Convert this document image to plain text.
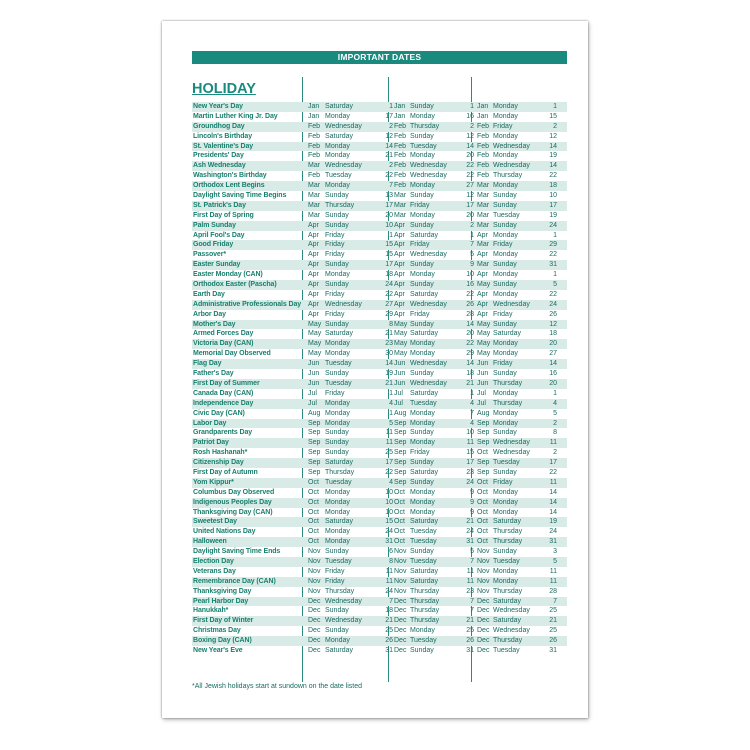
IMPORTANT DATES
HOLIDAY
New Year's Day	Jan Saturday	1 Jan Sunday	1 Jan Monday	1
Martin Luther King Jr. Day	Jan Monday	17 Jan Monday	16 Jan Monday	15
Groundhog Day	Feb Wednesday	2 Feb Thursday	2 Feb Friday	2
Lincoln's Birthday	Feb Saturday	12 Feb Sunday	12 Feb Monday	12
St. Valentine's Day	Feb Monday	14 Feb Tuesday	14 Feb Wednesday	14
Presidents' Day	Feb Monday	21 Feb Monday	20 Feb Monday	19
Ash Wednesday	Mar Wednesday	2 Feb Wednesday	22 Feb Wednesday	14
Washington's Birthday	Feb Tuesday	22 Feb Wednesday	22 Feb Thursday	22
Orthodox Lent Begins	Mar Monday	7 Feb Monday	27 Mar Monday	18
Daylight Saving Time Begins	Mar Sunday	13 Mar Sunday	12 Mar Sunday	10
St. Patrick's Day	Mar Thursday	17 Mar Friday	17 Mar Sunday	17
First Day of Spring	Mar Sunday	20 Mar Monday	20 Mar Tuesday	19
Palm Sunday	Apr Sunday	10 Apr Sunday	2 Mar Sunday	24
April Fool's Day	Apr Friday	1 Apr Saturday	1 Apr Monday	1
Good Friday	Apr Friday	15 Apr Friday	7 Mar Friday	29
Passover*	Apr Friday	15 Apr Wednesday	5 Apr Monday	22
Easter Sunday	Apr Sunday	17 Apr Sunday	9 Mar Sunday	31
Easter Monday (CAN)	Apr Monday	18 Apr Monday	10 Apr Monday	1
Orthodox Easter (Pascha)	Apr Sunday	24 Apr Sunday	16 May Sunday	5
Earth Day	Apr Friday	22 Apr Saturday	22 Apr Monday	22
Administrative Professionals Day Apr Wednesday	27 Apr Wednesday	26 Apr Wednesday	24
Arbor Day	Apr Friday	29 Apr Friday	28 Apr Friday	26
Mother's Day	May Sunday	8 May Sunday	14 May Sunday	12
Armed Forces Day	May Saturday	21 May Saturday	20 May Saturday	18
Victoria Day (CAN)	May Monday	23 May Monday	22 May Monday	20
Memorial Day Observed	May Monday	30 May Monday	29 May Monday	27
Flag Day	Jun Tuesday	14 Jun Wednesday	14 Jun Friday	14
Father's Day	Jun Sunday	19 Jun Sunday	18 Jun Sunday	16
First Day of Summer	Jun Tuesday	21 Jun Wednesday	21 Jun Thursday	20
Canada Day (CAN)	Jul	Friday	1 Jul	Saturday	1 Jul	Monday	1
Independence Day	Jul	Monday	4 Jul	Tuesday	4 Jul	Thursday	4
Civic Day (CAN)	Aug Monday	1 Aug Monday	7 Aug Monday	5
Labor Day	Sep Monday	5 Sep Monday	4 Sep Monday	2
Grandparents Day	Sep Sunday	11 Sep Sunday	10 Sep Sunday	8
Patriot Day	Sep Sunday	11 Sep Monday	11 Sep Wednesday	11
Rosh Hashanah*	Sep Sunday	25 Sep Friday	15 Oct Wednesday	2
Citizenship Day	Sep Saturday	17 Sep Sunday	17 Sep Tuesday	17
First Day of Autumn	Sep Thursday	22 Sep Saturday	23 Sep Sunday	22
Yom Kippur*	Oct Tuesday	4 Sep Sunday	24 Oct Friday	11
Columbus Day Observed	Oct Monday	10 Oct Monday	9 Oct Monday	14
Indigenous Peoples Day	Oct Monday	10 Oct Monday	9 Oct Monday	14
Thanksgiving Day (CAN)	Oct Monday	10 Oct Monday	9 Oct Monday	14
Sweetest Day	Oct Saturday	15 Oct Saturday	21 Oct Saturday	19
United Nations Day	Oct Monday	24 Oct Tuesday	24 Oct Thursday	24
Halloween	Oct Monday	31 Oct Tuesday	31 Oct Thursday	31
Daylight Saving Time Ends	Nov Sunday	6 Nov Sunday	5 Nov Sunday	3
Election Day	Nov Tuesday	8 Nov Tuesday	7 Nov Tuesday	5
Veterans Day	Nov Friday	11 Nov Saturday	11 Nov Monday	11
Remembrance Day (CAN)	Nov Friday	11 Nov Saturday	11 Nov Monday	11
Thanksgiving Day	Nov Thursday	24 Nov Thursday	23 Nov Thursday	28
Pearl Harbor Day	Dec Wednesday	7 Dec Thursday	7 Dec Saturday	7
Hanukkah*	Dec Sunday	18 Dec Thursday	7 Dec Wednesday	25
First Day of Winter	Dec Wednesday	21 Dec Thursday	21 Dec Saturday	21
Christmas Day	Dec Sunday	25 Dec Monday	25 Dec Wednesday	25
Boxing Day (CAN)	Dec Monday	26 Dec Tuesday	26 Dec Thursday	26
New Year's Eve	Dec Saturday	31 Dec Sunday	31 Dec Tuesday	31
*All Jewish holidays start at sundown on the date listed
